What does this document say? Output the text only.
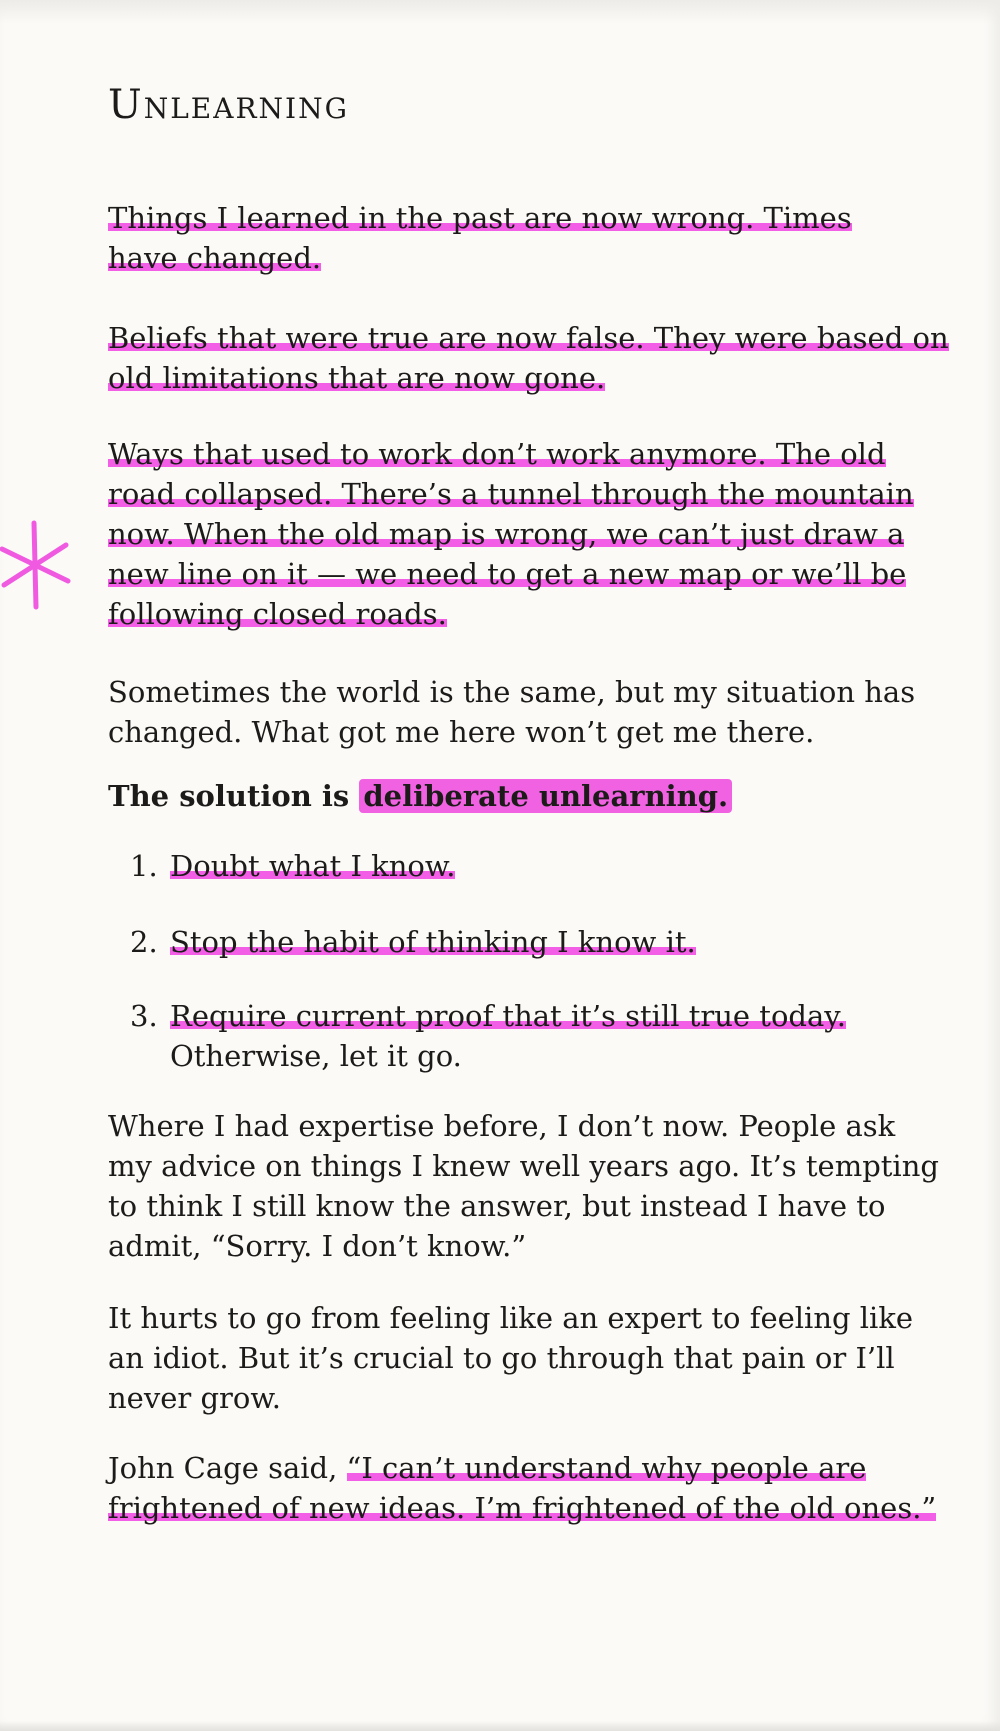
Unlearning

Things I learned in the past are now wrong. Times
have changed.

Beliefs that were true are now false. They were based on
old limitations that are now gone.

Ways that used to work don’t work anymore. The old
road collapsed. There’s a tunnel through the mountain
now. When the old map is wrong, we can’t just draw a
new line on it — we need to get a new map or we’ll be
following closed roads.

Sometimes the world is the same, but my situation has
changed. What got me here won’t get me there.

The solution is deliberate unlearning.

1. Doubt what I know.

2. Stop the habit of thinking I know it.

3. Require current proof that it’s still true today.
Otherwise, let it go.

Where I had expertise before, I don’t now. People ask
my advice on things I knew well years ago. It’s tempting
to think I still know the answer, but instead I have to
admit, “Sorry. I don’t know.”

It hurts to go from feeling like an expert to feeling like
an idiot. But it’s crucial to go through that pain or I’ll
never grow.

John Cage said, “I can’t understand why people are
frightened of new ideas. I’m frightened of the old ones.”
